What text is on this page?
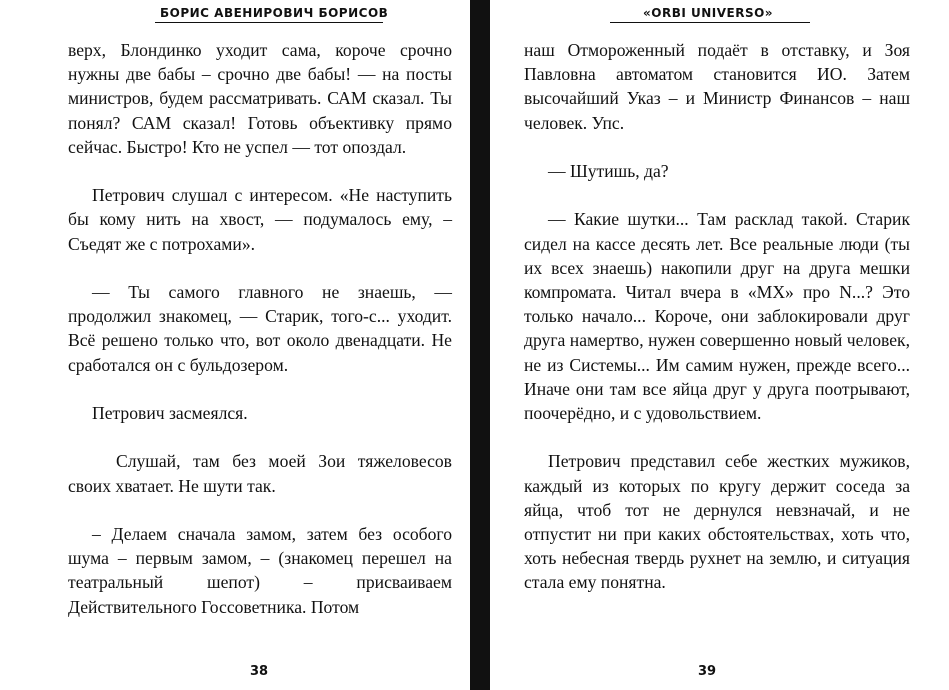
БОРИС АВЕНИРОВИЧ БОРИСОВ

верх, Блондинко уходит сама, короче срочно нужны две бабы – срочно две бабы! — на посты министров, будем рассматривать. САМ сказал. Ты понял? САМ сказал! Готовь объективку прямо сейчас. Быстро! Кто не успел — тот опоздал.

Петрович слушал с интересом. «Не наступить бы кому нить на хвост, — подумалось ему, – Съедят же с потрохами».

— Ты самого главного не знаешь, — продолжил знакомец, — Старик, того-с... уходит. Всё решено только что, вот около двенадцати. Не сработался он с бульдозером.

Петрович засмеялся.

Слушай, там без моей Зои тяжеловесов своих хватает. Не шути так.

– Делаем сначала замом, затем без особого шума – первым замом, – (знакомец перешел на театральный шепот) – присваиваем Действительного Госсоветника. Потом

38
«ORBI UNIVERSO»

наш Отмороженный подаёт в отставку, и Зоя Павловна автоматом становится ИО. Затем высочайший Указ – и Министр Финансов – наш человек. Упс.

— Шутишь, да?

— Какие шутки... Там расклад такой. Старик сидел на кассе десять лет. Все реальные люди (ты их всех знаешь) накопили друг на друга мешки компромата. Читал вчера в «МХ» про N...? Это только начало... Короче, они заблокировали друг друга намертво, нужен совершенно новый человек, не из Системы... Им самим нужен, прежде всего... Иначе они там все яйца друг у друга поотрывают, поочерёдно, и с удовольствием.

Петрович представил себе жестких мужиков, каждый из которых по кругу держит соседа за яйца, чтоб тот не дернулся невзначай, и не отпустит ни при каких обстоятельствах, хоть что, хоть небесная твердь рухнет на землю, и ситуация стала ему понятна.

39
